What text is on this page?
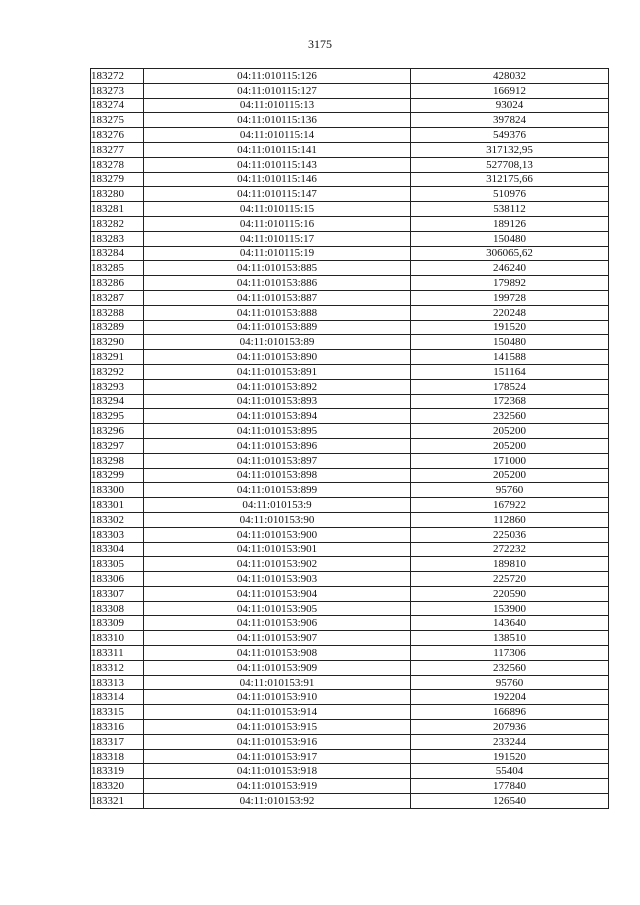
3175
183272	04:11:010115:126	428032
183273	04:11:010115:127	166912
183274	04:11:010115:13	93024
183275	04:11:010115:136	397824
183276	04:11:010115:14	549376
183277	04:11:010115:141	317132,95
183278	04:11:010115:143	527708,13
183279	04:11:010115:146	312175,66
183280	04:11:010115:147	510976
183281	04:11:010115:15	538112
183282	04:11:010115:16	189126
183283	04:11:010115:17	150480
183284	04:11:010115:19	306065,62
183285	04:11:010153:885	246240
183286	04:11:010153:886	179892
183287	04:11:010153:887	199728
183288	04:11:010153:888	220248
183289	04:11:010153:889	191520
183290	04:11:010153:89	150480
183291	04:11:010153:890	141588
183292	04:11:010153:891	151164
183293	04:11:010153:892	178524
183294	04:11:010153:893	172368
183295	04:11:010153:894	232560
183296	04:11:010153:895	205200
183297	04:11:010153:896	205200
183298	04:11:010153:897	171000
183299	04:11:010153:898	205200
183300	04:11:010153:899	95760
183301	04:11:010153:9	167922
183302	04:11:010153:90	112860
183303	04:11:010153:900	225036
183304	04:11:010153:901	272232
183305	04:11:010153:902	189810
183306	04:11:010153:903	225720
183307	04:11:010153:904	220590
183308	04:11:010153:905	153900
183309	04:11:010153:906	143640
183310	04:11:010153:907	138510
183311	04:11:010153:908	117306
183312	04:11:010153:909	232560
183313	04:11:010153:91	95760
183314	04:11:010153:910	192204
183315	04:11:010153:914	166896
183316	04:11:010153:915	207936
183317	04:11:010153:916	233244
183318	04:11:010153:917	191520
183319	04:11:010153:918	55404
183320	04:11:010153:919	177840
183321	04:11:010153:92	126540
